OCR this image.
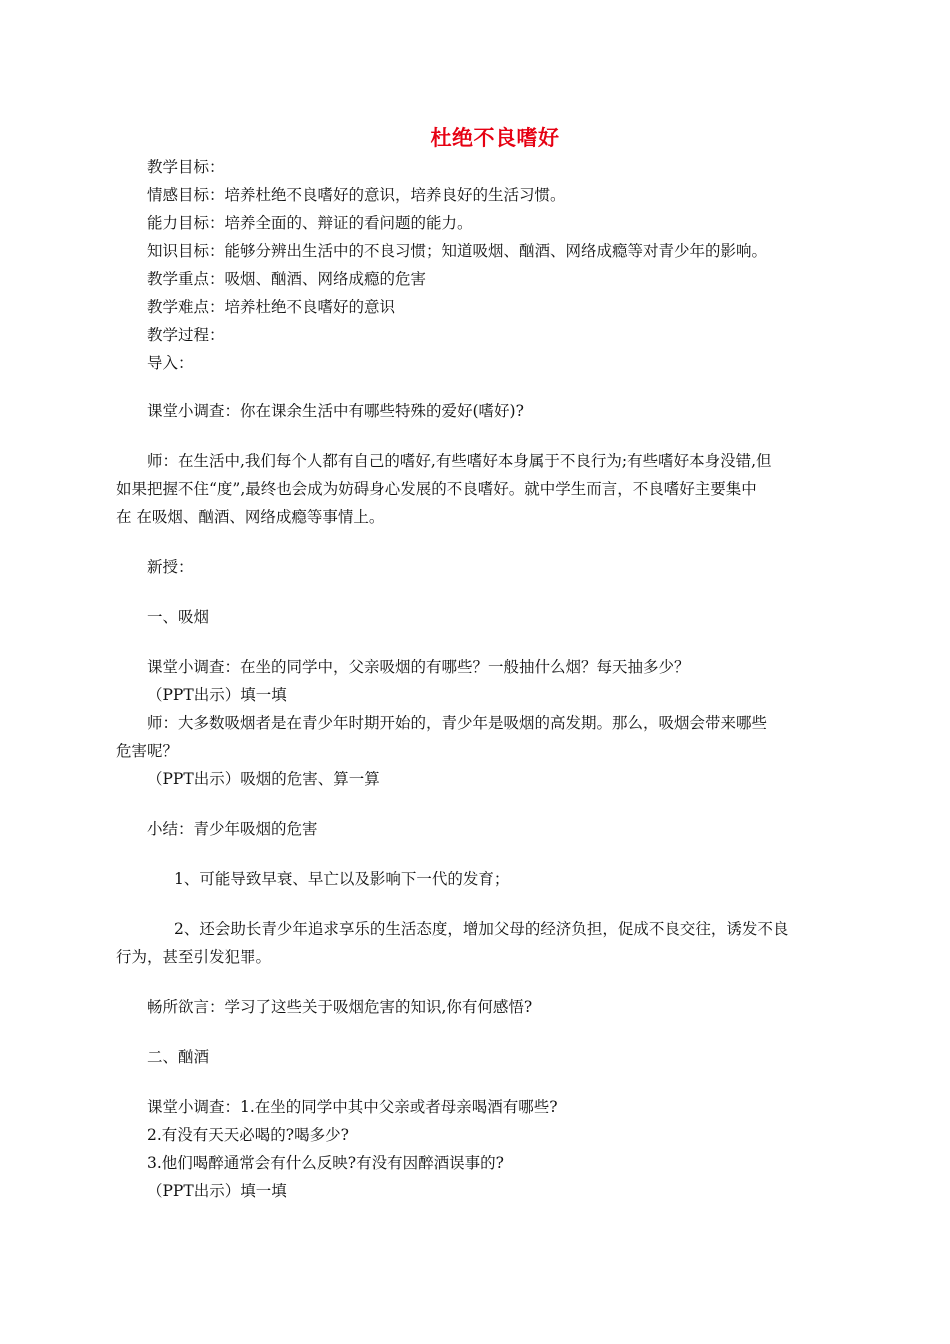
杜绝不良嗜好
教学目标：
情感目标：培养杜绝不良嗜好的意识，培养良好的生活习惯。
能力目标：培养全面的、辩证的看问题的能力。
知识目标：能够分辨出生活中的不良习惯；知道吸烟、酗酒、网络成瘾等对青少年的影响。
教学重点：吸烟、酗酒、网络成瘾的危害
教学难点：培养杜绝不良嗜好的意识
教学过程：
导入：
课堂小调查：你在课余生活中有哪些特殊的爱好(嗜好)?
师：在生活中,我们每个人都有自己的嗜好,有些嗜好本身属于不良行为;有些嗜好本身没错,但
如果把握不住“度”,最终也会成为妨碍身心发展的不良嗜好。就中学生而言，不良嗜好主要集中
在 在吸烟、酗酒、网络成瘾等事情上。
新授：
一、吸烟
课堂小调查：在坐的同学中，父亲吸烟的有哪些？一般抽什么烟？每天抽多少？
（PPT出示）填一填
师：大多数吸烟者是在青少年时期开始的，青少年是吸烟的高发期。那么，吸烟会带来哪些
危害呢？
（PPT出示）吸烟的危害、算一算
小结：青少年吸烟的危害
1、可能导致早衰、早亡以及影响下一代的发育；
2、还会助长青少年追求享乐的生活态度，增加父母的经济负担，促成不良交往，诱发不良
行为，甚至引发犯罪。
畅所欲言：学习了这些关于吸烟危害的知识,你有何感悟?
二、酗酒
课堂小调查：1.在坐的同学中其中父亲或者母亲喝酒有哪些?
2.有没有天天必喝的?喝多少?
3.他们喝醉通常会有什么反映?有没有因醉酒误事的?
（PPT出示）填一填
